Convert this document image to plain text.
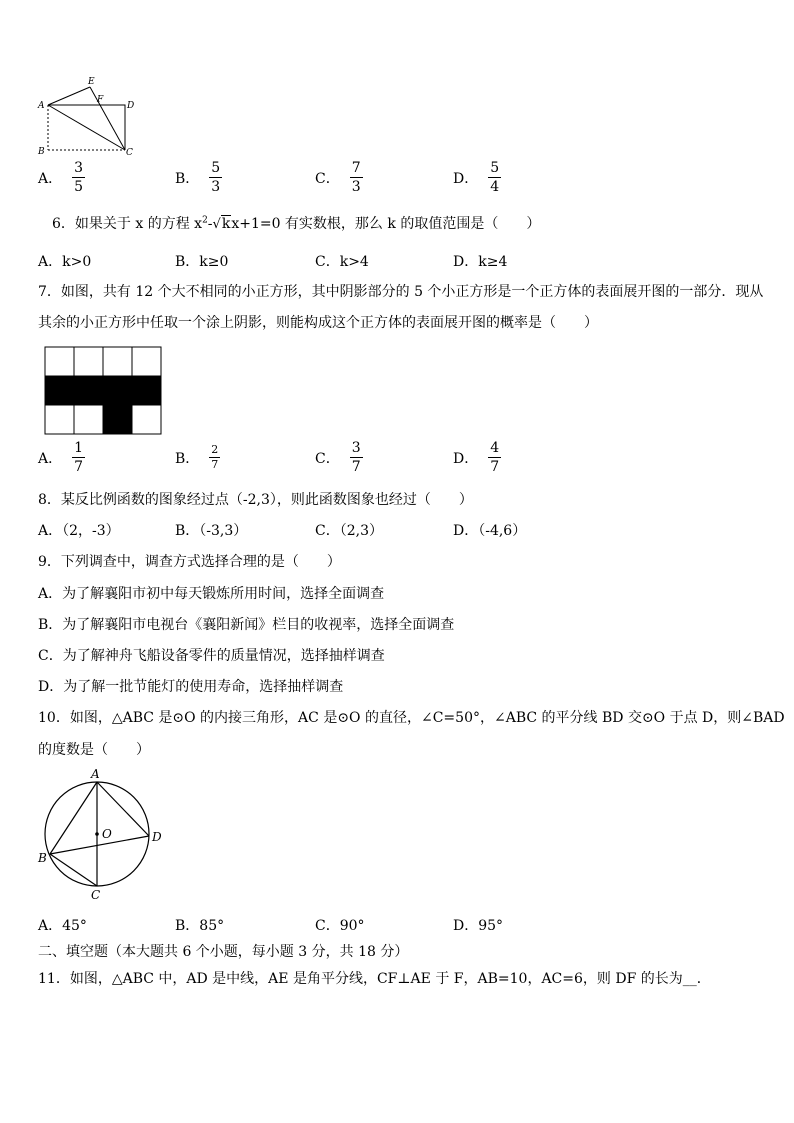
A
B	C
D
E
F
A． $\frac{3}{5}$	B． $\frac{5}{3}$	C． $\frac{7}{3}$	D． $\frac{5}{4}$
6．如果关于 x 的方程 $x^2-√kx+1=0$ 有实数根，那么 k 的取值范围是（　　）
A．k>0	B．k≥0	C．k>4	D．k≥4
7．如图，共有 12 个大不相同的小正方形，其中阴影部分的 5 个小正方形是一个正方体的表面展开图的一部分．现从
其余的小正方形中任取一个涂上阴影，则能构成这个正方体的表面展开图的概率是（　　）
A． $\frac{1}{7}$	B． $\frac{2}{7}$	C． $\frac{3}{7}$	D． $\frac{4}{7}$
8．某反比例函数的图象经过点（-2,3），则此函数图象也经过（　　）
A．（2，-3）	B．（-3,3）	C．（2,3）	D．（-4,6）
9．下列调查中，调查方式选择合理的是（　　）
A．为了解襄阳市初中每天锻炼所用时间，选择全面调查
B．为了解襄阳市电视台《襄阳新闻》栏目的收视率，选择全面调查
C．为了解神舟飞船设备零件的质量情况，选择抽样调查
D．为了解一批节能灯的使用寿命，选择抽样调查
10．如图，△ABC 是⊙O 的内接三角形，AC 是⊙O 的直径，∠C=50°，∠ABC 的平分线 BD 交⊙O 于点 D，则∠BAD
的度数是（　　）
A
B
C
D
O
A．45°	B．85°	C．90°	D．95°
二、填空题（本大题共 6 个小题，每小题 3 分，共 18 分）
11．如图，△ABC 中，AD 是中线，AE 是角平分线，CF⊥AE 于 F，AB=10，AC=6，则 DF 的长为__．
